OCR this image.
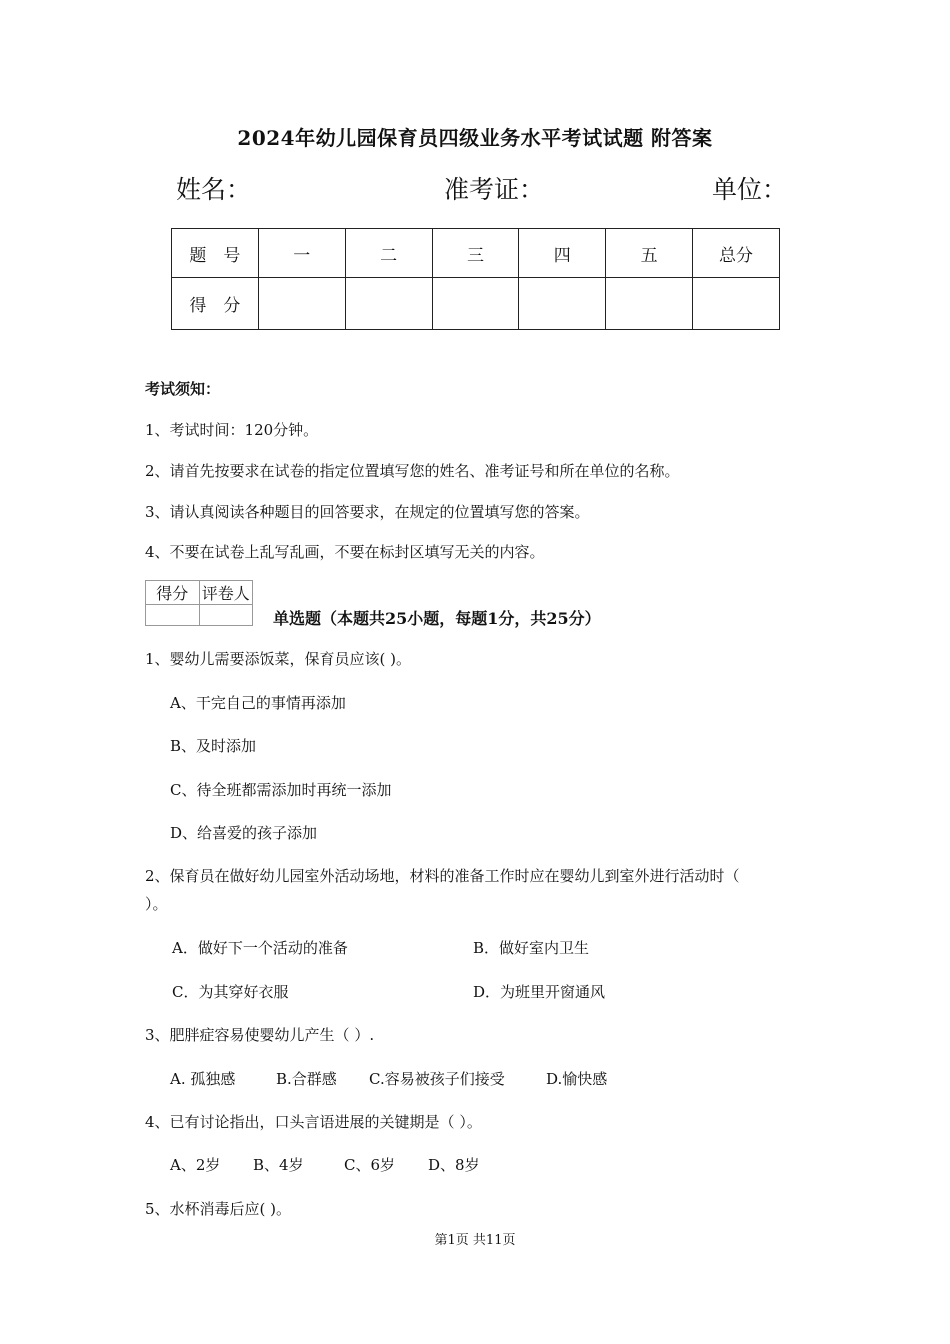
2024年幼儿园保育员四级业务水平考试试题 附答案
姓名：	准考证：	单位：
题　号	一	二	三	四	五	总分
得　分						
考试须知：
1、考试时间：120分钟。
2、请首先按要求在试卷的指定位置填写您的姓名、准考证号和所在单位的名称。
3、请认真阅读各种题目的回答要求，在规定的位置填写您的答案。
4、不要在试卷上乱写乱画，不要在标封区填写无关的内容。
得分	评卷人

单选题（本题共25小题，每题1分，共25分）
1、婴幼儿需要添饭菜，保育员应该( )。
A、干完自己的事情再添加
B、及时添加
C、待全班都需添加时再统一添加
D、给喜爱的孩子添加
2、保育员在做好幼儿园室外活动场地，材料的准备工作时应在婴幼儿到室外进行活动时（
）。
A．做好下一个活动的准备	B．做好室内卫生
C．为其穿好衣服	D．为班里开窗通风
3、肥胖症容易使婴幼儿产生（ ）.
A. 孤独感	B.合群感 C.容易被孩子们接受	D.愉快感
4、已有讨论指出，口头言语进展的关键期是（ ）。
A、2岁 B、4岁	C、6岁 D、8岁
5、水杯消毒后应( )。
第1页 共11页
